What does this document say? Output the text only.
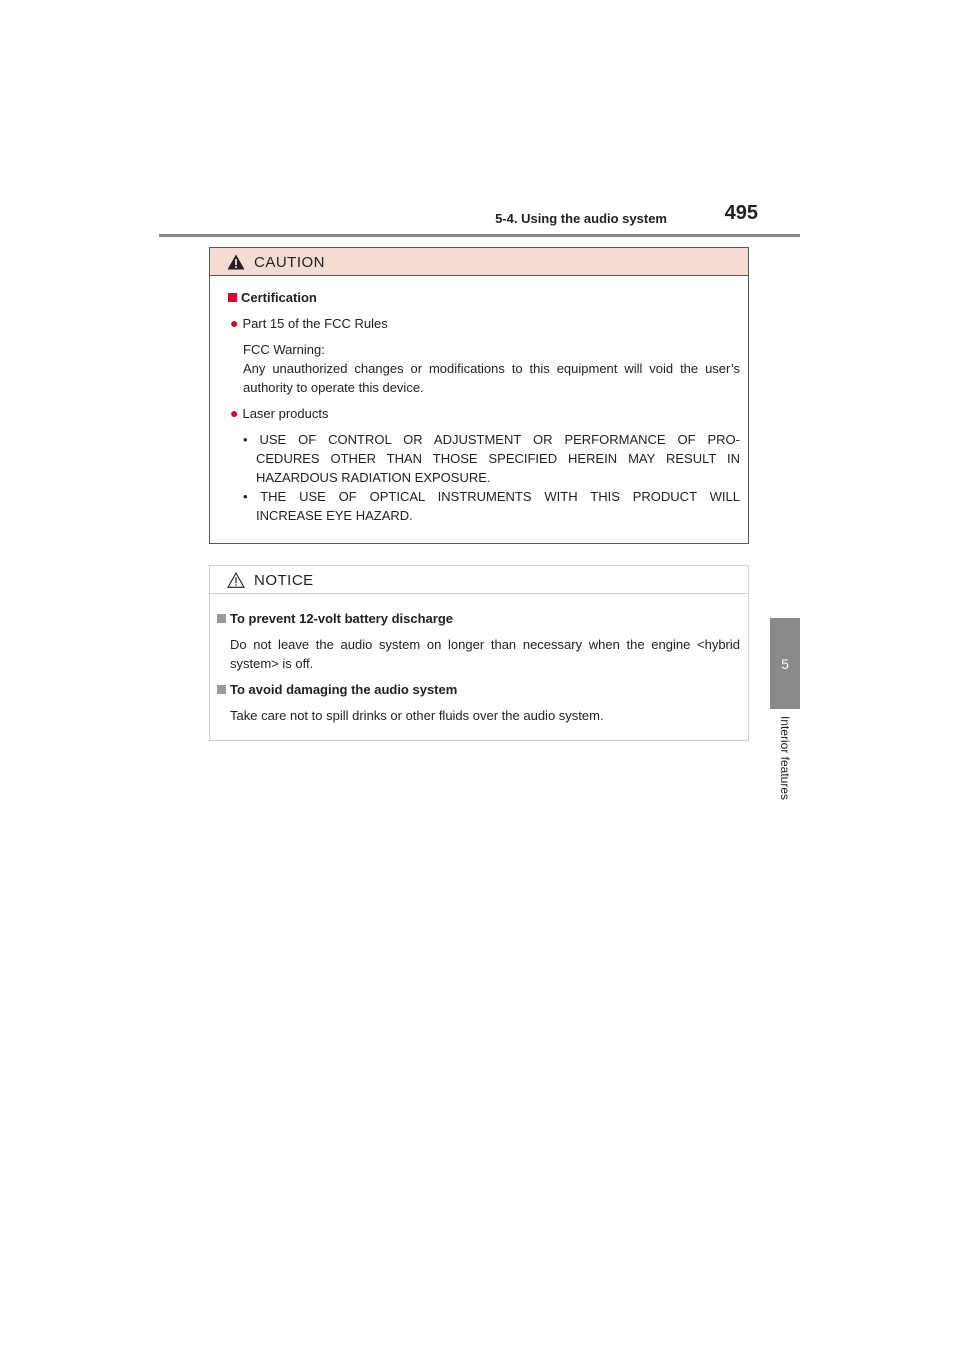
5-4. Using the audio system	495
5
Interior features
CAUTION
Certification
● Part 15 of the FCC Rules
FCC Warning:
Any unauthorized changes or modifications to this equipment will void the user’s
authority to operate this device.
● Laser products
• USE OF CONTROL OR ADJUSTMENT OR PERFORMANCE OF PRO-
CEDURES OTHER THAN THOSE SPECIFIED HEREIN MAY RESULT IN
HAZARDOUS RADIATION EXPOSURE.
• THE USE OF OPTICAL INSTRUMENTS WITH THIS PRODUCT WILL
INCREASE EYE HAZARD.
NOTICE
To prevent 12-volt battery discharge
Do not leave the audio system on longer than necessary when the engine <hybrid
system> is off.
To avoid damaging the audio system
Take care not to spill drinks or other fluids over the audio system.
